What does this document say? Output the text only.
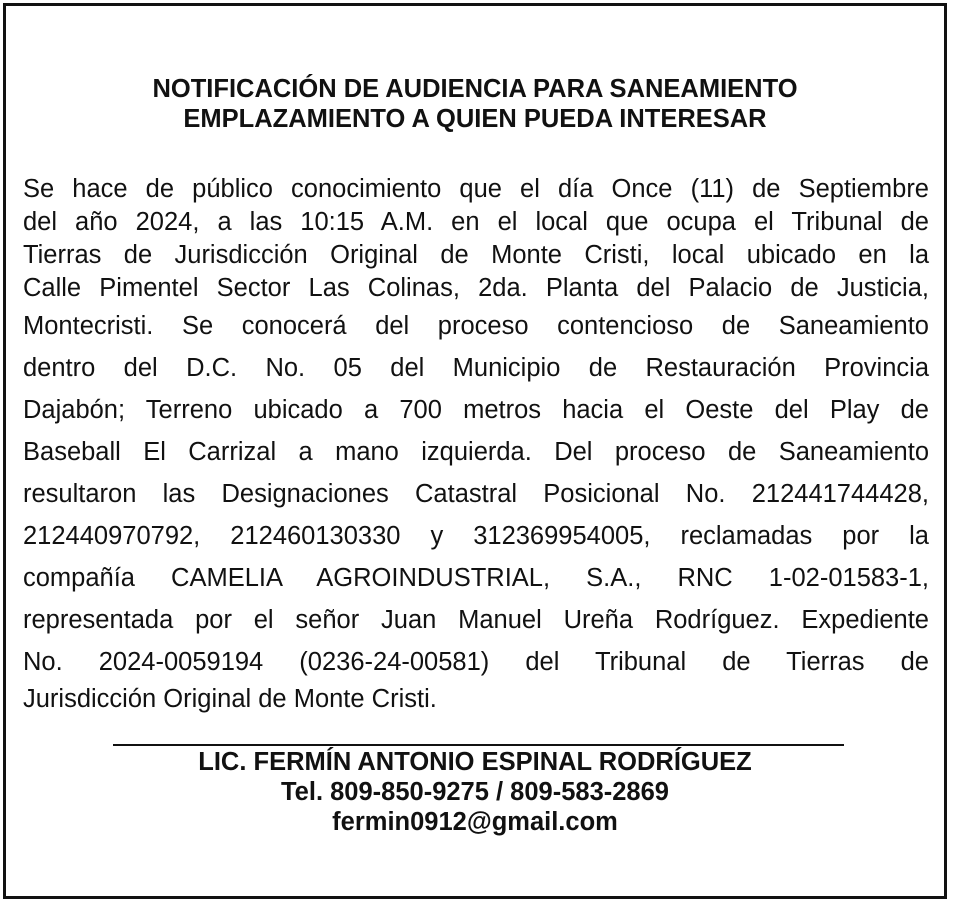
NOTIFICACIÓN DE AUDIENCIA PARA SANEAMIENTO
EMPLAZAMIENTO A QUIEN PUEDA INTERESAR
Se hace de público conocimiento que el día Once (11) de Septiembre
del año 2024, a las 10:15 A.M. en el local que ocupa el Tribunal de
Tierras de Jurisdicción Original de Monte Cristi, local ubicado en la
Calle Pimentel Sector Las Colinas, 2da. Planta del Palacio de Justicia,
Montecristi. Se conocerá del proceso contencioso de Saneamiento
dentro del D.C. No. 05 del Municipio de Restauración Provincia
Dajabón; Terreno ubicado a 700 metros hacia el Oeste del Play de
Baseball El Carrizal a mano izquierda. Del proceso de Saneamiento
resultaron las Designaciones Catastral Posicional No. 212441744428,
212440970792, 212460130330 y 312369954005, reclamadas por la
compañía CAMELIA AGROINDUSTRIAL, S.A., RNC 1-02-01583-1,
representada por el señor Juan Manuel Ureña Rodríguez. Expediente
No. 2024-0059194 (0236-24-00581) del Tribunal de Tierras de
Jurisdicción Original de Monte Cristi.
LIC. FERMÍN ANTONIO ESPINAL RODRÍGUEZ
Tel. 809-850-9275 / 809-583-2869
fermin0912@gmail.com
